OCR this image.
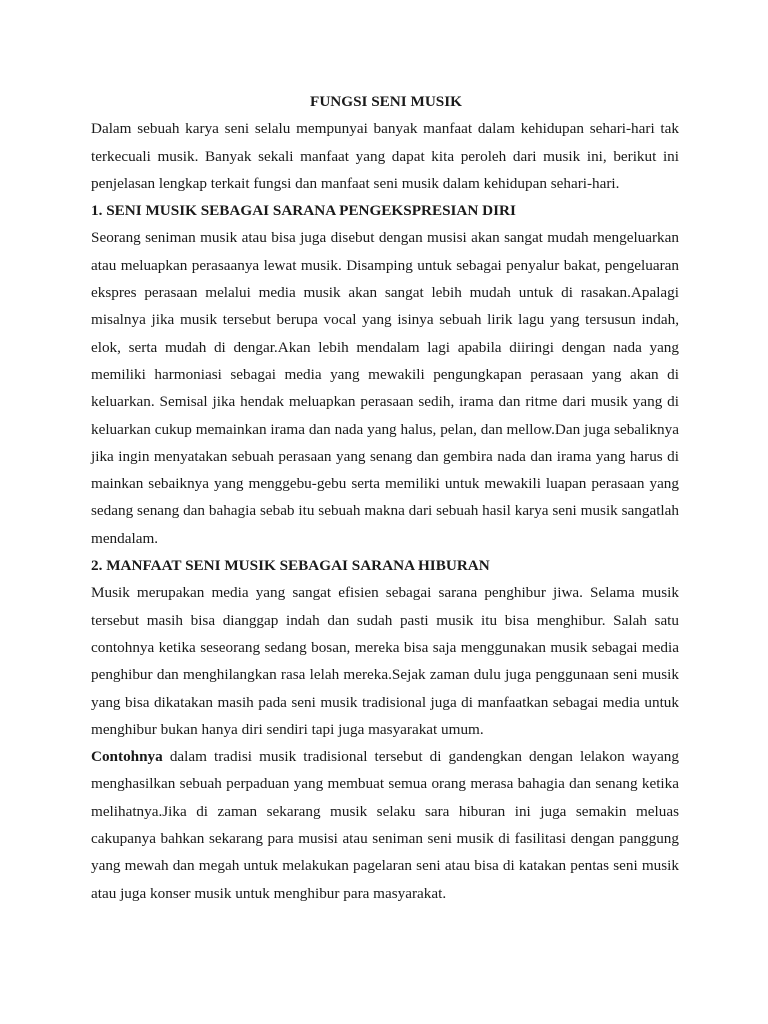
FUNGSI SENI MUSIK

Dalam sebuah karya seni selalu mempunyai banyak manfaat dalam kehidupan sehari-hari tak terkecuali musik. Banyak sekali manfaat yang dapat kita peroleh dari musik ini, berikut ini penjelasan lengkap terkait fungsi dan manfaat seni musik dalam kehidupan sehari-hari.

1. SENI MUSIK SEBAGAI SARANA PENGEKSPRESIAN DIRI

Seorang seniman musik atau bisa juga disebut dengan musisi akan sangat mudah mengeluarkan atau meluapkan perasaanya lewat musik. Disamping untuk sebagai penyalur bakat, pengeluaran ekspres perasaan melalui media musik akan sangat lebih mudah untuk di rasakan.Apalagi misalnya jika musik tersebut berupa vocal yang isinya sebuah lirik lagu yang tersusun indah, elok, serta mudah di dengar.Akan lebih mendalam lagi apabila diiringi dengan nada yang memiliki harmoniasi sebagai media yang mewakili pengungkapan perasaan yang akan di keluarkan. Semisal jika hendak meluapkan perasaan sedih, irama dan ritme dari musik yang di keluarkan cukup memainkan irama dan nada yang halus, pelan, dan mellow.Dan juga sebaliknya jika ingin menyatakan sebuah perasaan yang senang dan gembira nada dan irama yang harus di mainkan sebaiknya yang menggebu-gebu serta memiliki untuk mewakili luapan perasaan yang sedang senang dan bahagia sebab itu sebuah makna dari sebuah hasil karya seni musik sangatlah mendalam.

2. MANFAAT SENI MUSIK SEBAGAI SARANA HIBURAN

Musik merupakan media yang sangat efisien sebagai sarana penghibur jiwa. Selama musik tersebut masih bisa dianggap indah dan sudah pasti musik itu bisa menghibur. Salah satu contohnya ketika seseorang sedang bosan, mereka bisa saja menggunakan musik sebagai media penghibur dan menghilangkan rasa lelah mereka.Sejak zaman dulu juga penggunaan seni musik yang bisa dikatakan masih pada seni musik tradisional juga di manfaatkan sebagai media untuk menghibur bukan hanya diri sendiri tapi juga masyarakat umum.

Contohnya dalam tradisi musik tradisional tersebut di gandengkan dengan lelakon wayang menghasilkan sebuah perpaduan yang membuat semua orang merasa bahagia dan senang ketika melihatnya.Jika di zaman sekarang musik selaku sara hiburan ini juga semakin meluas cakupanya bahkan sekarang para musisi atau seniman seni musik di fasilitasi dengan panggung yang mewah dan megah untuk melakukan pagelaran seni atau bisa di katakan pentas seni musik atau juga konser musik untuk menghibur para masyarakat.
